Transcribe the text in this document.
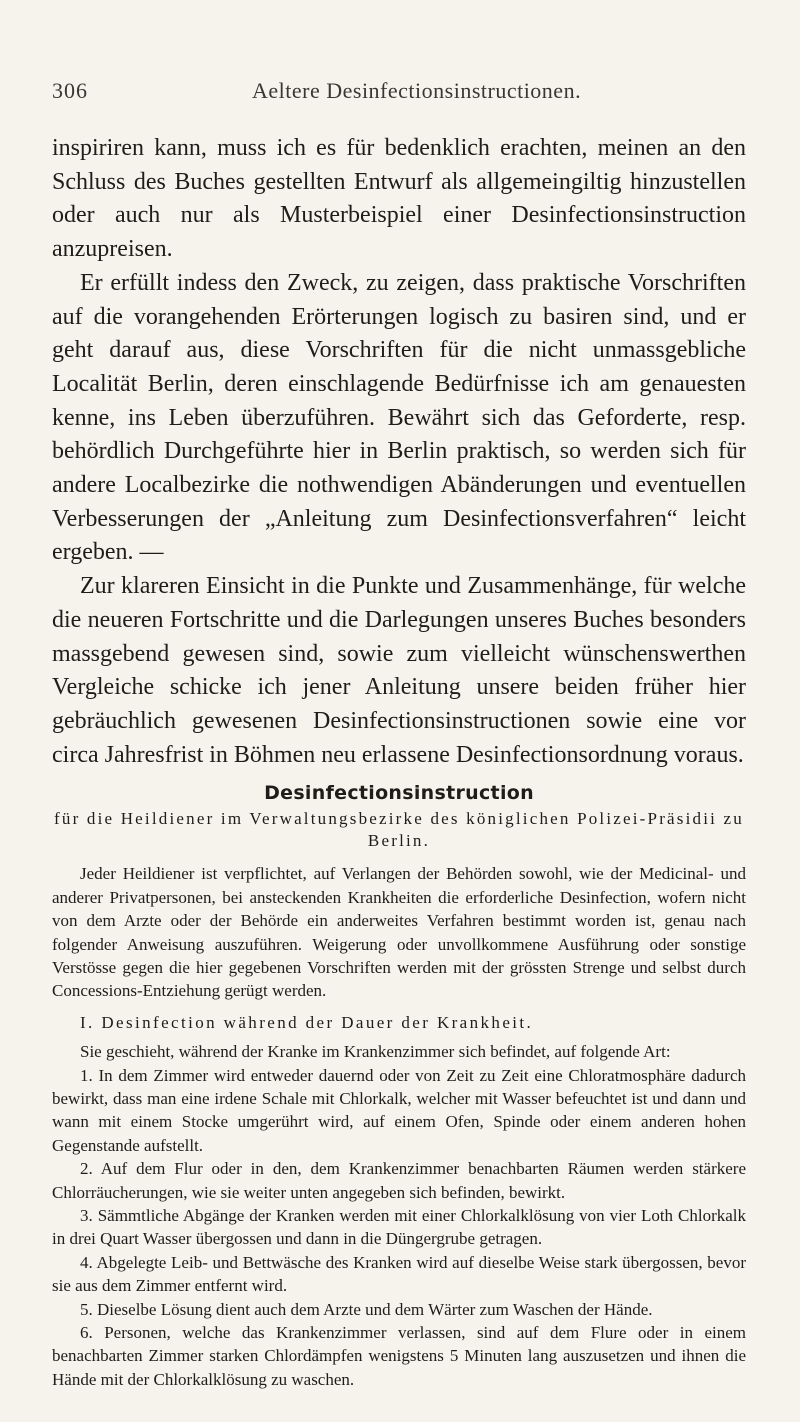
306	Aeltere Desinfectionsinstructionen.

inspiriren kann, muss ich es für bedenklich erachten, meinen an den Schluss des Buches gestellten Entwurf als allgemeingiltig hinzustellen oder auch nur als Musterbeispiel einer Desinfectionsinstruction anzupreisen.

Er erfüllt indess den Zweck, zu zeigen, dass praktische Vorschriften auf die vorangehenden Erörterungen logisch zu basiren sind, und er geht darauf aus, diese Vorschriften für die nicht unmassgebliche Localität Berlin, deren einschlagende Bedürfnisse ich am genauesten kenne, ins Leben überzuführen. Bewährt sich das Geforderte, resp. behördlich Durchgeführte hier in Berlin praktisch, so werden sich für andere Localbezirke die nothwendigen Abänderungen und eventuellen Verbesserungen der „Anleitung zum Desinfectionsverfahren“ leicht ergeben. —

Zur klareren Einsicht in die Punkte und Zusammenhänge, für welche die neueren Fortschritte und die Darlegungen unseres Buches besonders massgebend gewesen sind, sowie zum vielleicht wünschenswerthen Vergleiche schicke ich jener Anleitung unsere beiden früher hier gebräuchlich gewesenen Desinfectionsinstructionen sowie eine vor circa Jahresfrist in Böhmen neu erlassene Desinfectionsordnung voraus.

Desinfectionsinstruction
für die Heildiener im Verwaltungsbezirke des königlichen Polizei-Präsidii zu Berlin.

Jeder Heildiener ist verpflichtet, auf Verlangen der Behörden sowohl, wie der Medicinal- und anderer Privatpersonen, bei ansteckenden Krankheiten die erforderliche Desinfection, wofern nicht von dem Arzte oder der Behörde ein anderweites Verfahren bestimmt worden ist, genau nach folgender Anweisung auszuführen. Weigerung oder unvollkommene Ausführung oder sonstige Verstösse gegen die hier gegebenen Vorschriften werden mit der grössten Strenge und selbst durch Concessions-Entziehung gerügt werden.

I. Desinfection während der Dauer der Krankheit.

Sie geschieht, während der Kranke im Krankenzimmer sich befindet, auf folgende Art:

1. In dem Zimmer wird entweder dauernd oder von Zeit zu Zeit eine Chloratmosphäre dadurch bewirkt, dass man eine irdene Schale mit Chlorkalk, welcher mit Wasser befeuchtet ist und dann und wann mit einem Stocke umgerührt wird, auf einem Ofen, Spinde oder einem anderen hohen Gegenstande aufstellt.

2. Auf dem Flur oder in den, dem Krankenzimmer benachbarten Räumen werden stärkere Chlorräucherungen, wie sie weiter unten angegeben sich befinden, bewirkt.

3. Sämmtliche Abgänge der Kranken werden mit einer Chlorkalklösung von vier Loth Chlorkalk in drei Quart Wasser übergossen und dann in die Düngergrube getragen.

4. Abgelegte Leib- und Bettwäsche des Kranken wird auf dieselbe Weise stark übergossen, bevor sie aus dem Zimmer entfernt wird.

5. Dieselbe Lösung dient auch dem Arzte und dem Wärter zum Waschen der Hände.

6. Personen, welche das Krankenzimmer verlassen, sind auf dem Flure oder in einem benachbarten Zimmer starken Chlordämpfen wenigstens 5 Minuten lang auszusetzen und ihnen die Hände mit der Chlorkalklösung zu waschen.
